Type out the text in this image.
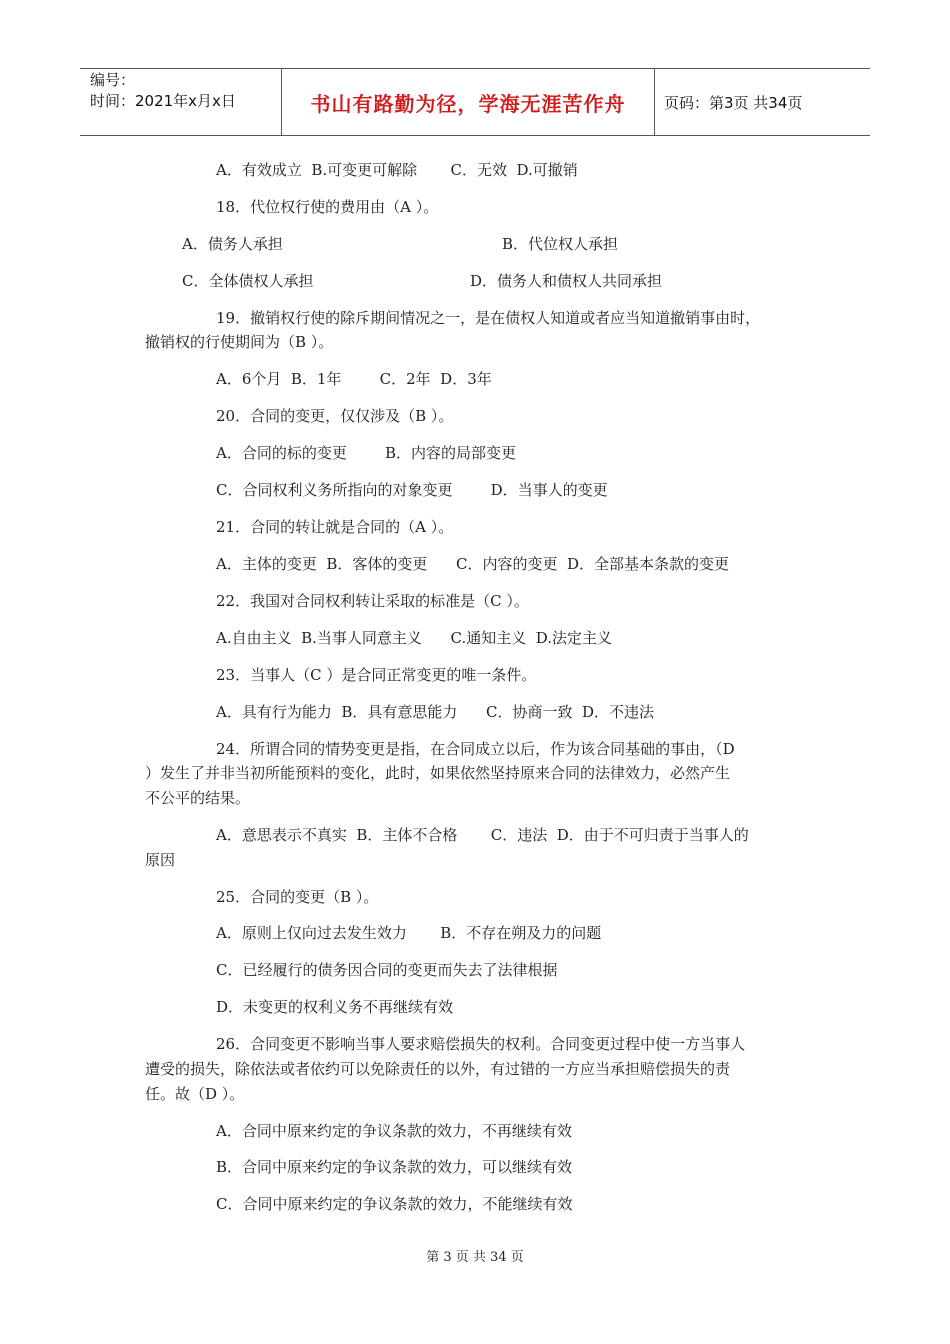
编号：
时间：2021年x月x日	书山有路勤为径，学海无涯苦作舟	页码：第3页 共34页
A．有效成立  B.可变更可解除       C．无效  D.可撤销
18．代位权行使的费用由（A ）。
A．债务人承担	B．代位权人承担
C．全体债权人承担	D．债务人和债权人共同承担
19．撤销权行使的除斥期间情况之一，是在债权人知道或者应当知道撤销事由时，
撤销权的行使期间为（B ）。
A．6个月  B．1年        C．2年  D．3年
20．合同的变更，仅仅涉及（B ）。
A．合同的标的变更        B．内容的局部变更
C．合同权利义务所指向的对象变更        D．当事人的变更
21．合同的转让就是合同的（A ）。
A．主体的变更  B．客体的变更      C．内容的变更  D．全部基本条款的变更
22．我国对合同权利转让采取的标准是（C ）。
A.自由主义  B.当事人同意主义      C.通知主义  D.法定主义
23．当事人（C ）是合同正常变更的唯一条件。
A．具有行为能力  B．具有意思能力      C．协商一致  D．不违法
24．所谓合同的情势变更是指，在合同成立以后，作为该合同基础的事由，（D
）发生了并非当初所能预料的变化，此时，如果依然坚持原来合同的法律效力，必然产生
不公平的结果。
A．意思表示不真实  B．主体不合格       C．违法  D．由于不可归责于当事人的
原因
25．合同的变更（B ）。
A．原则上仅向过去发生效力       B．不存在朔及力的问题
C．已经履行的债务因合同的变更而失去了法律根据
D．未变更的权利义务不再继续有效
26．合同变更不影响当事人要求赔偿损失的权利。合同变更过程中使一方当事人
遭受的损失，除依法或者依约可以免除责任的以外，有过错的一方应当承担赔偿损失的责
任。故（D ）。
A．合同中原来约定的争议条款的效力，不再继续有效
B．合同中原来约定的争议条款的效力，可以继续有效
C．合同中原来约定的争议条款的效力，不能继续有效
第 3 页 共 34 页
